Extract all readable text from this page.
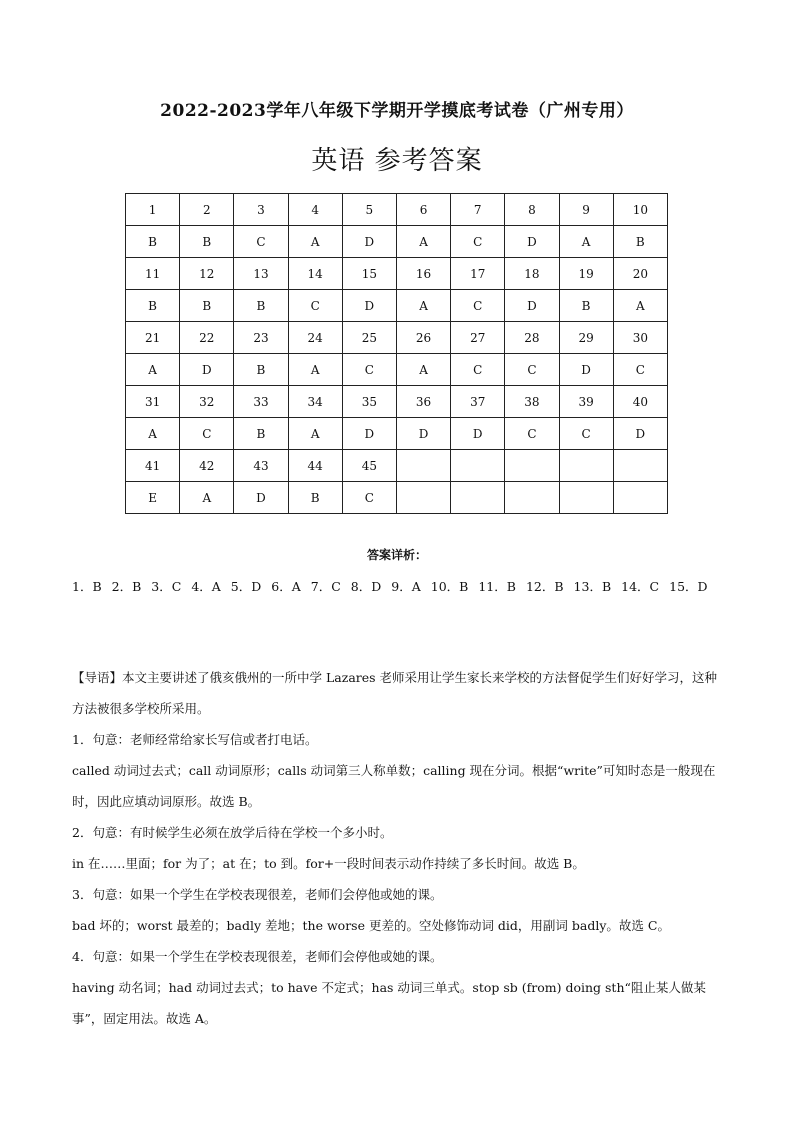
2022-2023学年八年级下学期开学摸底考试卷（广州专用）
英语 参考答案
1	2	3	4	5	6	7	8	9	10
B	B	C	A	D	A	C	D	A	B
11	12	13	14	15	16	17	18	19	20
B	B	B	C	D	A	C	D	B	A
21	22	23	24	25	26	27	28	29	30
A	D	B	A	C	A	C	C	D	C
31	32	33	34	35	36	37	38	39	40
A	C	B	A	D	D	D	C	C	D
41	42	43	44	45					
E	A	D	B	C					
答案详析：
1．B 2．B 3．C 4．A 5．D 6．A 7．C 8．D 9．A 10．B 11．B 12．B 13．B 14．C 15．D

【导语】本文主要讲述了俄亥俄州的一所中学 Lazares 老师采用让学生家长来学校的方法督促学生们好好学习，这种方法被很多学校所采用。

1．句意：老师经常给家长写信或者打电话。

called 动词过去式；call 动词原形；calls 动词第三人称单数；calling 现在分词。根据“write”可知时态是一般现在时，因此应填动词原形。故选 B。

2．句意：有时候学生必须在放学后待在学校一个多小时。

in 在……里面；for 为了；at 在；to 到。for+一段时间表示动作持续了多长时间。故选 B。

3．句意：如果一个学生在学校表现很差，老师们会停他或她的课。

bad 坏的；worst 最差的；badly 差地；the worse 更差的。空处修饰动词 did，用副词 badly。故选 C。

4．句意：如果一个学生在学校表现很差，老师们会停他或她的课。

having 动名词；had 动词过去式；to have 不定式；has 动词三单式。stop sb (from) doing sth“阻止某人做某事”，固定用法。故选 A。
